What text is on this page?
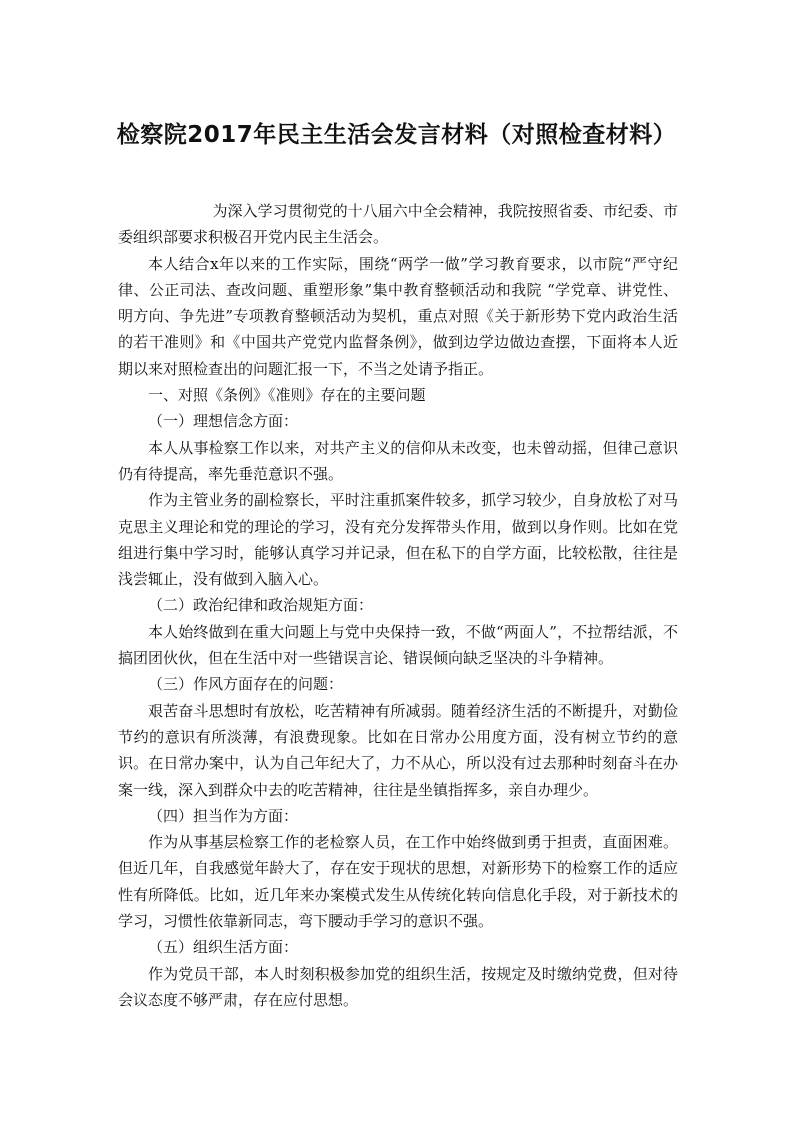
检察院2017年民主生活会发言材料（对照检查材料）

为深入学习贯彻党的十八届六中全会精神，我院按照省委、市纪委、市委组织部要求积极召开党内民主生活会。

本人结合x年以来的工作实际，围绕“两学一做”学习教育要求，以市院“严守纪律、公正司法、查改问题、重塑形象”集中教育整顿活动和我院 “学党章、讲党性、明方向、争先进”专项教育整顿活动为契机，重点对照《关于新形势下党内政治生活的若干准则》和《中国共产党党内监督条例》，做到边学边做边查摆，下面将本人近期以来对照检查出的问题汇报一下，不当之处请予指正。

一、对照《条例》《准则》存在的主要问题

（一）理想信念方面：

本人从事检察工作以来，对共产主义的信仰从未改变，也未曾动摇，但律己意识仍有待提高，率先垂范意识不强。

作为主管业务的副检察长，平时注重抓案件较多，抓学习较少，自身放松了对马克思主义理论和党的理论的学习，没有充分发挥带头作用，做到以身作则。比如在党组进行集中学习时，能够认真学习并记录，但在私下的自学方面，比较松散，往往是浅尝辄止，没有做到入脑入心。

（二）政治纪律和政治规矩方面：

本人始终做到在重大问题上与党中央保持一致，不做“两面人”，不拉帮结派，不搞团团伙伙，但在生活中对一些错误言论、错误倾向缺乏坚决的斗争精神。

（三）作风方面存在的问题：

艰苦奋斗思想时有放松，吃苦精神有所减弱。随着经济生活的不断提升，对勤俭节约的意识有所淡薄，有浪费现象。比如在日常办公用度方面，没有树立节约的意识。在日常办案中，认为自己年纪大了，力不从心，所以没有过去那种时刻奋斗在办案一线，深入到群众中去的吃苦精神，往往是坐镇指挥多，亲自办理少。

（四）担当作为方面：

作为从事基层检察工作的老检察人员，在工作中始终做到勇于担责，直面困难。但近几年，自我感觉年龄大了，存在安于现状的思想，对新形势下的检察工作的适应性有所降低。比如，近几年来办案模式发生从传统化转向信息化手段，对于新技术的学习，习惯性依靠新同志，弯下腰动手学习的意识不强。

（五）组织生活方面：

作为党员干部，本人时刻积极参加党的组织生活，按规定及时缴纳党费，但对待会议态度不够严肃，存在应付思想。
